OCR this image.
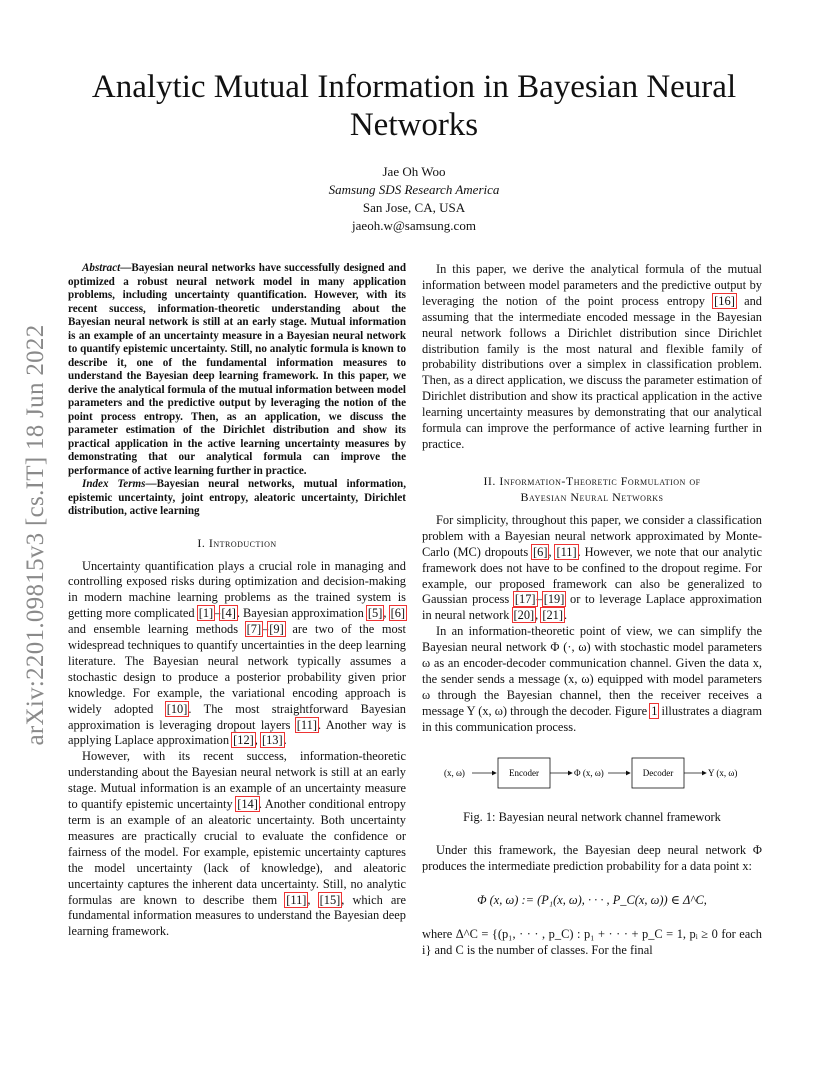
arXiv:2201.09815v3 [cs.IT] 18 Jun 2022
Analytic Mutual Information in Bayesian Neural Networks
Jae Oh Woo
Samsung SDS Research America
San Jose, CA, USA
jaeoh.w@samsung.com

Abstract—Bayesian neural networks have successfully designed and optimized a robust neural network model in many application problems, including uncertainty quantification. However, with its recent success, information-theoretic understanding about the Bayesian neural network is still at an early stage. Mutual information is an example of an uncertainty measure in a Bayesian neural network to quantify epistemic uncertainty. Still, no analytic formula is known to describe it, one of the fundamental information measures to understand the Bayesian deep learning framework. In this paper, we derive the analytical formula of the mutual information between model parameters and the predictive output by leveraging the notion of the point process entropy. Then, as an application, we discuss the parameter estimation of the Dirichlet distribution and show its practical application in the active learning uncertainty measures by demonstrating that our analytical formula can improve the performance of active learning further in practice.

Index Terms—Bayesian neural networks, mutual information, epistemic uncertainty, joint entropy, aleatoric uncertainty, Dirichlet distribution, active learning

I. Introduction

Uncertainty quantification plays a crucial role in managing and controlling exposed risks during optimization and decision-making in modern machine learning problems as the trained system is getting more complicated [1]–[4]. Bayesian approximation [5], [6] and ensemble learning methods [7]–[9] are two of the most widespread techniques to quantify uncertainties in the deep learning literature. The Bayesian neural network typically assumes a stochastic design to produce a posterior probability given prior knowledge. For example, the variational encoding approach is widely adopted [10]. The most straightforward Bayesian approximation is leveraging dropout layers [11]. Another way is applying Laplace approximation [12], [13].

However, with its recent success, information-theoretic understanding about the Bayesian neural network is still at an early stage. Mutual information is an example of an uncertainty measure to quantify epistemic uncertainty [14]. Another conditional entropy term is an example of an aleatoric uncertainty. Both uncertainty measures are practically crucial to evaluate the confidence or fairness of the model. For example, epistemic uncertainty captures the model uncertainty (lack of knowledge), and aleatoric uncertainty captures the inherent data uncertainty. Still, no analytic formulas are known to describe them [11], [15], which are fundamental information measures to understand the Bayesian deep learning framework.

In this paper, we derive the analytical formula of the mutual information between model parameters and the predictive output by leveraging the notion of the point process entropy [16] and assuming that the intermediate encoded message in the Bayesian neural network follows a Dirichlet distribution since Dirichlet distribution family is the most natural and flexible family of probability distributions over a simplex in classification problem. Then, as a direct application, we discuss the parameter estimation of Dirichlet distribution and show its practical application in the active learning uncertainty measures by demonstrating that our analytical formula can improve the performance of active learning further in practice.

II. Information-Theoretic Formulation of
Bayesian Neural Networks

For simplicity, throughout this paper, we consider a classification problem with a Bayesian neural network approximated by Monte-Carlo (MC) dropouts [6], [11]. However, we note that our analytic framework does not have to be confined to the dropout regime. For example, our proposed framework can also be generalized to Gaussian process [17]–[19] or to leverage Laplace approximation in neural network [20], [21].

In an information-theoretic point of view, we can simplify the Bayesian neural network Φ (·, ω) with stochastic model parameters ω as an encoder-decoder communication channel. Given the data x, the sender sends a message (x, ω) equipped with model parameters ω through the Bayesian channel, then the receiver receives a message Y (x, ω) through the decoder. Figure 1 illustrates a diagram in this communication process.

(x, ω)	Encoder	Φ (x, ω)	Decoder	Y (x, ω)
Fig. 1: Bayesian neural network channel framework

Under this framework, the Bayesian deep neural network Φ produces the intermediate prediction probability for a data point x:

Φ (x, ω) := (P₁(x, ω), · · · , P_C(x, ω)) ∈ Δ^C,

where Δ^C = {(p₁, · · · , p_C) : p₁ + · · · + p_C = 1, pᵢ ≥ 0 for each i} and C is the number of classes. For the final
